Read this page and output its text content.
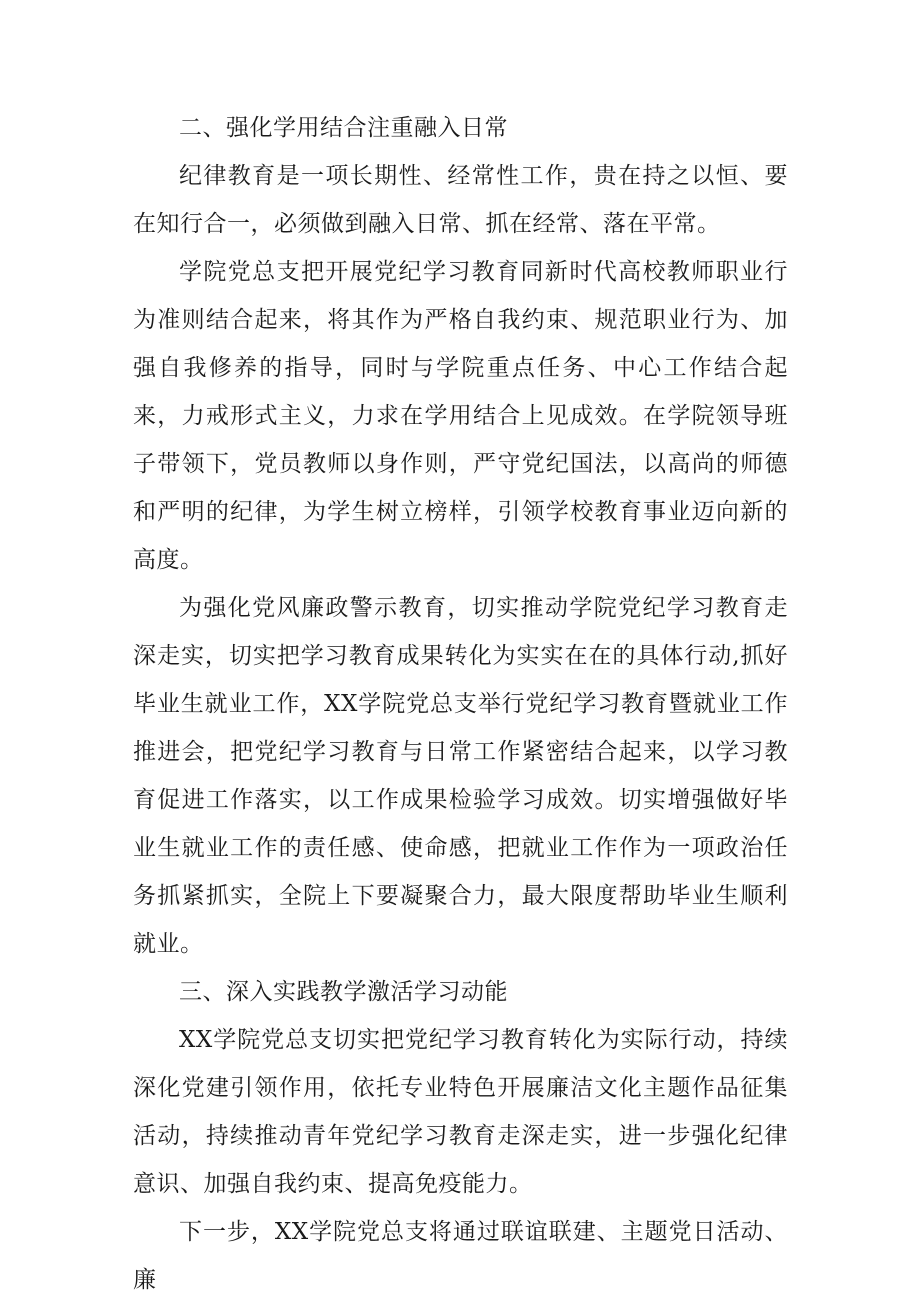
二、强化学用结合注重融入日常

纪律教育是一项长期性、经常性工作，贵在持之以恒、要在知行合一，必须做到融入日常、抓在经常、落在平常。

学院党总支把开展党纪学习教育同新时代高校教师职业行为准则结合起来，将其作为严格自我约束、规范职业行为、加强自我修养的指导，同时与学院重点任务、中心工作结合起来，力戒形式主义，力求在学用结合上见成效。在学院领导班子带领下，党员教师以身作则，严守党纪国法，以高尚的师德和严明的纪律，为学生树立榜样，引领学校教育事业迈向新的高度。

为强化党风廉政警示教育，切实推动学院党纪学习教育走深走实，切实把学习教育成果转化为实实在在的具体行动,抓好毕业生就业工作，XX学院党总支举行党纪学习教育暨就业工作推进会，把党纪学习教育与日常工作紧密结合起来，以学习教育促进工作落实，以工作成果检验学习成效。切实增强做好毕业生就业工作的责任感、使命感，把就业工作作为一项政治任务抓紧抓实，全院上下要凝聚合力，最大限度帮助毕业生顺利就业。

三、深入实践教学激活学习动能

XX学院党总支切实把党纪学习教育转化为实际行动，持续深化党建引领作用，依托专业特色开展廉洁文化主题作品征集活动，持续推动青年党纪学习教育走深走实，进一步强化纪律意识、加强自我约束、提高免疫能力。

下一步，XX学院党总支将通过联谊联建、主题党日活动、廉
